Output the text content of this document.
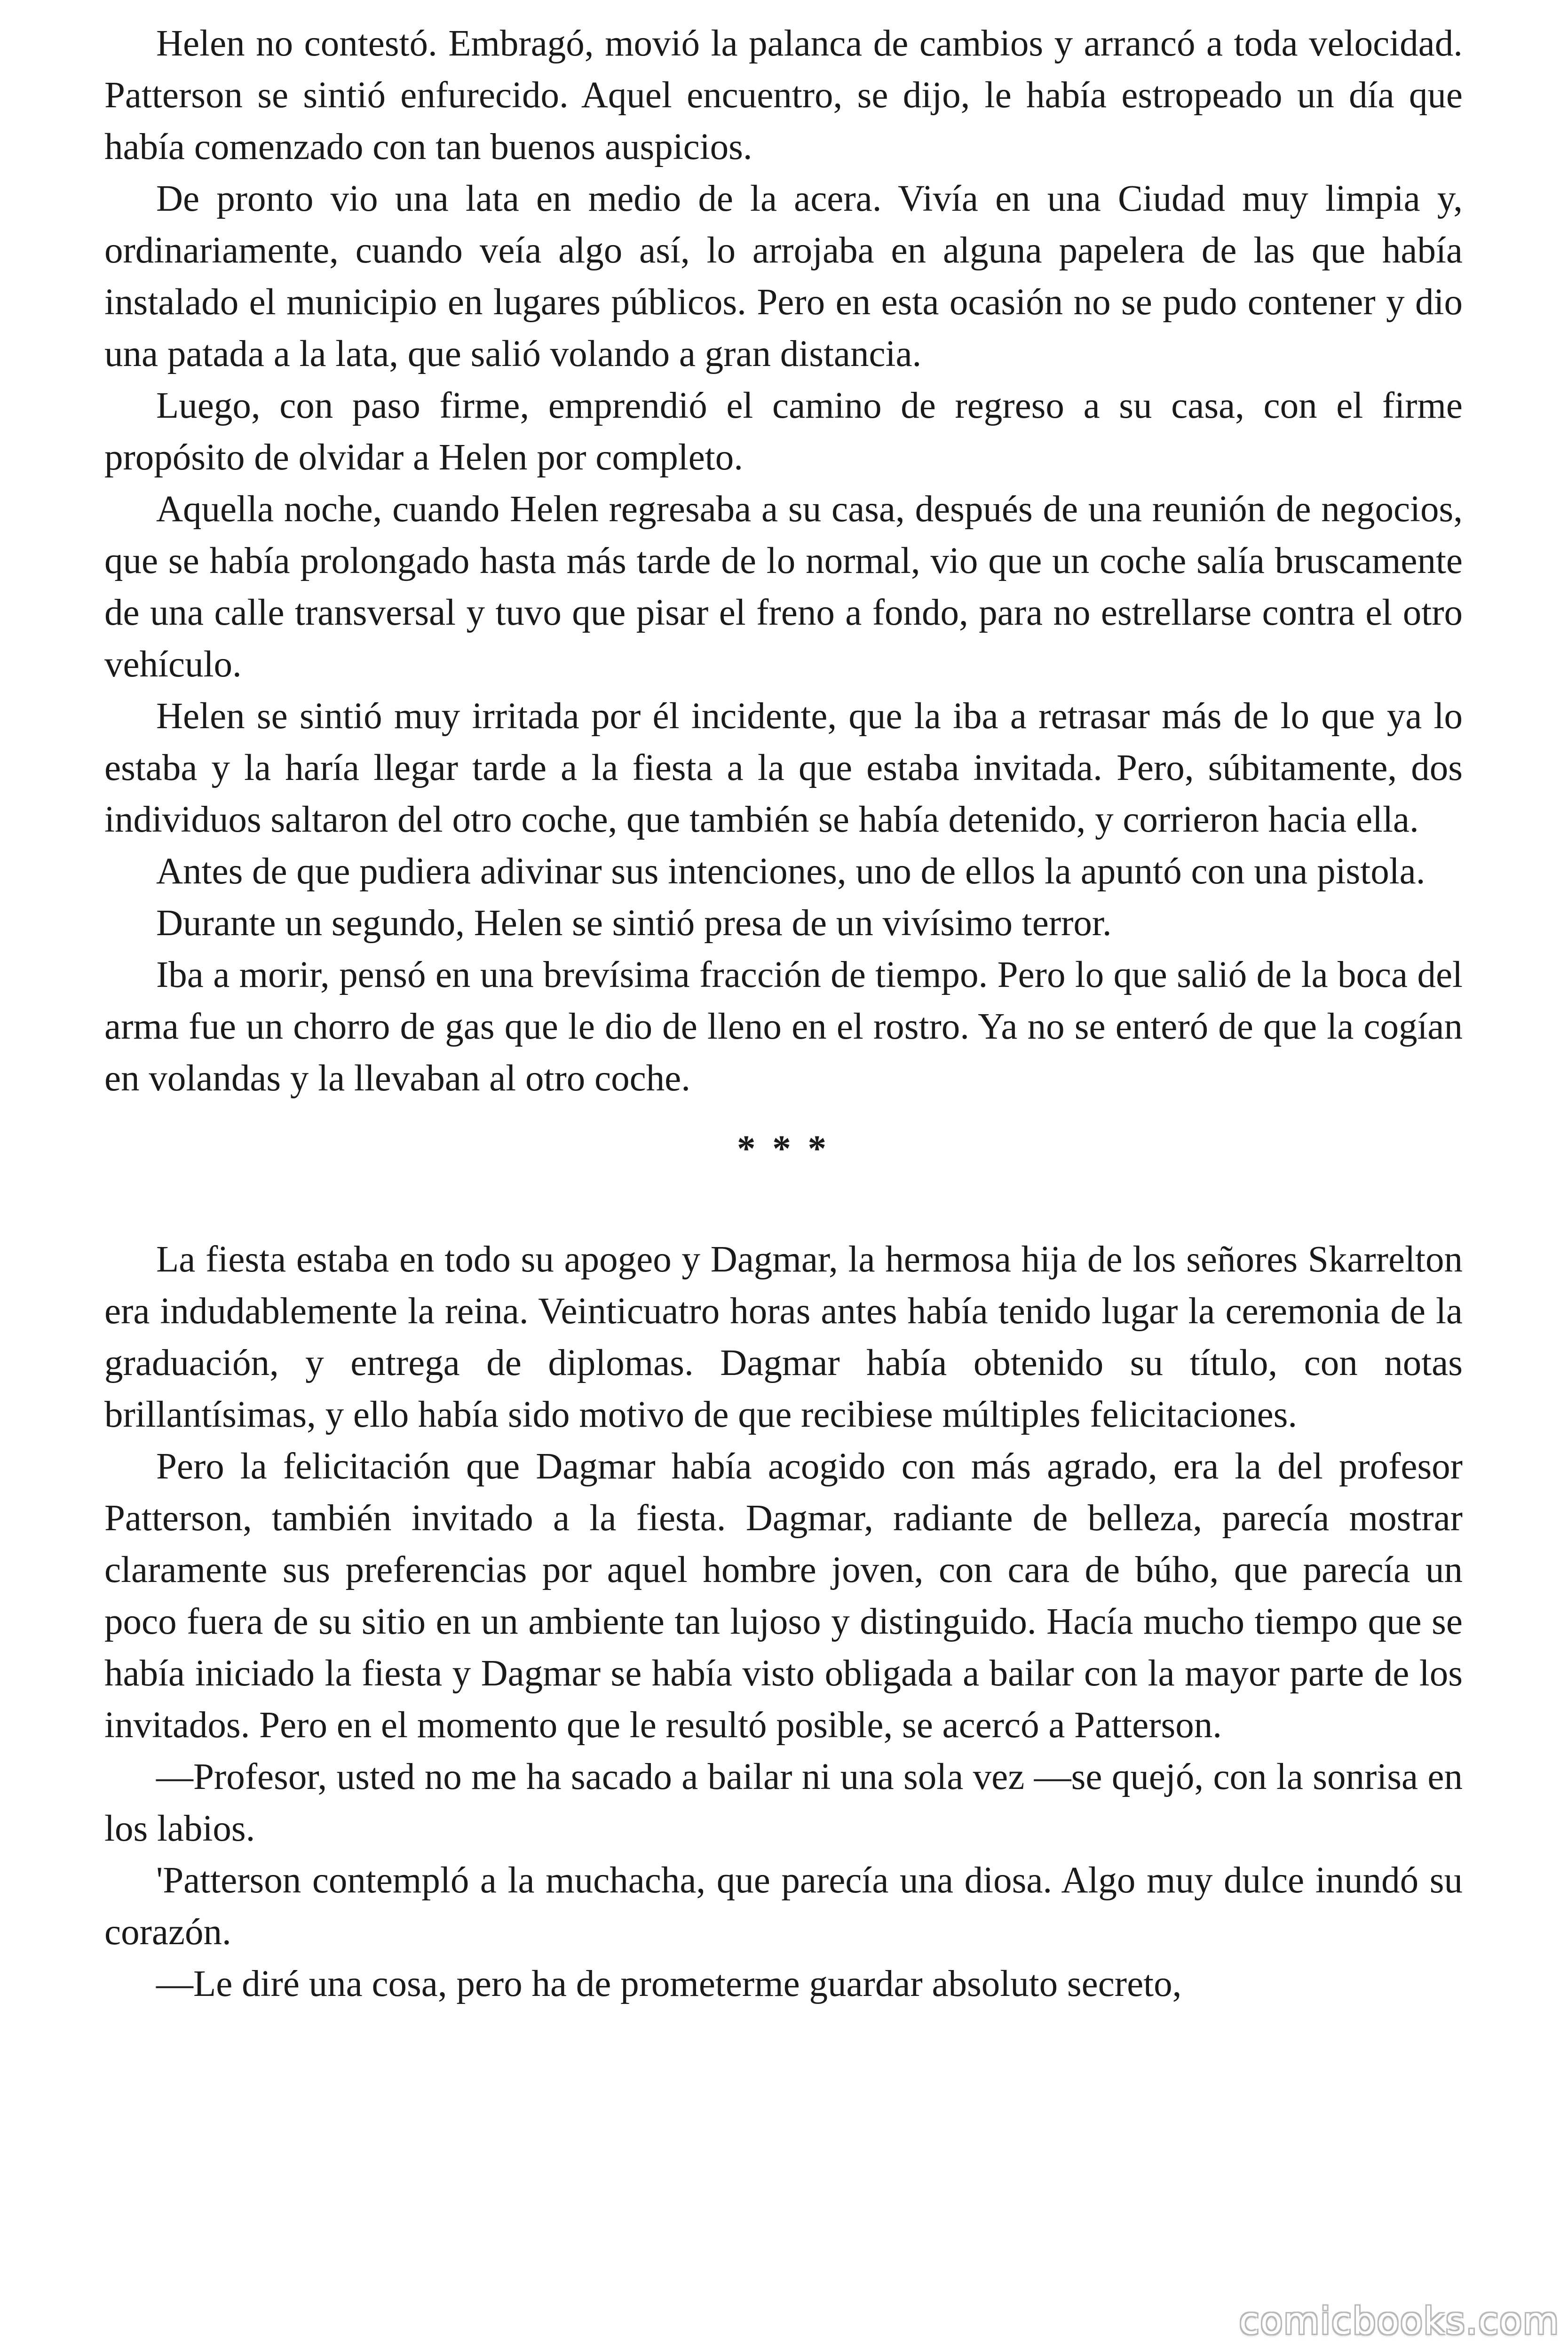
Helen no contestó. Embragó, movió la palanca de cambios y arrancó a toda velocidad. Patterson se sintió enfurecido. Aquel encuentro, se dijo, le había estropeado un día que había comenzado con tan buenos auspicios.

De pronto vio una lata en medio de la acera. Vivía en una Ciudad muy limpia y, ordinariamente, cuando veía algo así, lo arrojaba en alguna papelera de las que había instalado el municipio en lugares públicos. Pero en esta ocasión no se pudo contener y dio una patada a la lata, que salió volando a gran distancia.

Luego, con paso firme, emprendió el camino de regreso a su casa, con el firme propósito de olvidar a Helen por completo.

Aquella noche, cuando Helen regresaba a su casa, después de una reunión de negocios, que se había prolongado hasta más tarde de lo normal, vio que un coche salía bruscamente de una calle transversal y tuvo que pisar el freno a fondo, para no estrellarse contra el otro vehículo.

Helen se sintió muy irritada por él incidente, que la iba a retrasar más de lo que ya lo estaba y la haría llegar tarde a la fiesta a la que estaba invitada. Pero, súbitamente, dos individuos saltaron del otro coche, que también se había detenido, y corrieron hacia ella.

Antes de que pudiera adivinar sus intenciones, uno de ellos la apuntó con una pistola.

Durante un segundo, Helen se sintió presa de un vivísimo terror.

Iba a morir, pensó en una brevísima fracción de tiempo. Pero lo que salió de la boca del arma fue un chorro de gas que le dio de lleno en el rostro. Ya no se enteró de que la cogían en volandas y la llevaban al otro coche.

* * *

La fiesta estaba en todo su apogeo y Dagmar, la hermosa hija de los señores Skarrelton era indudablemente la reina. Veinticuatro horas antes había tenido lugar la ceremonia de la graduación, y entrega de diplomas. Dagmar había obtenido su título, con notas brillantísimas, y ello había sido motivo de que recibiese múltiples felicitaciones.

Pero la felicitación que Dagmar había acogido con más agrado, era la del profesor Patterson, también invitado a la fiesta. Dagmar, radiante de belleza, parecía mostrar claramente sus preferencias por aquel hombre joven, con cara de búho, que parecía un poco fuera de su sitio en un ambiente tan lujoso y distinguido. Hacía mucho tiempo que se había iniciado la fiesta y Dagmar se había visto obligada a bailar con la mayor parte de los invitados. Pero en el momento que le resultó posible, se acercó a Patterson.

—Profesor, usted no me ha sacado a bailar ni una sola vez —se quejó, con la sonrisa en los labios.

'Patterson contempló a la muchacha, que parecía una diosa. Algo muy dulce inundó su corazón.

—Le diré una cosa, pero ha de prometerme guardar absoluto secreto,

comicbooks.com
